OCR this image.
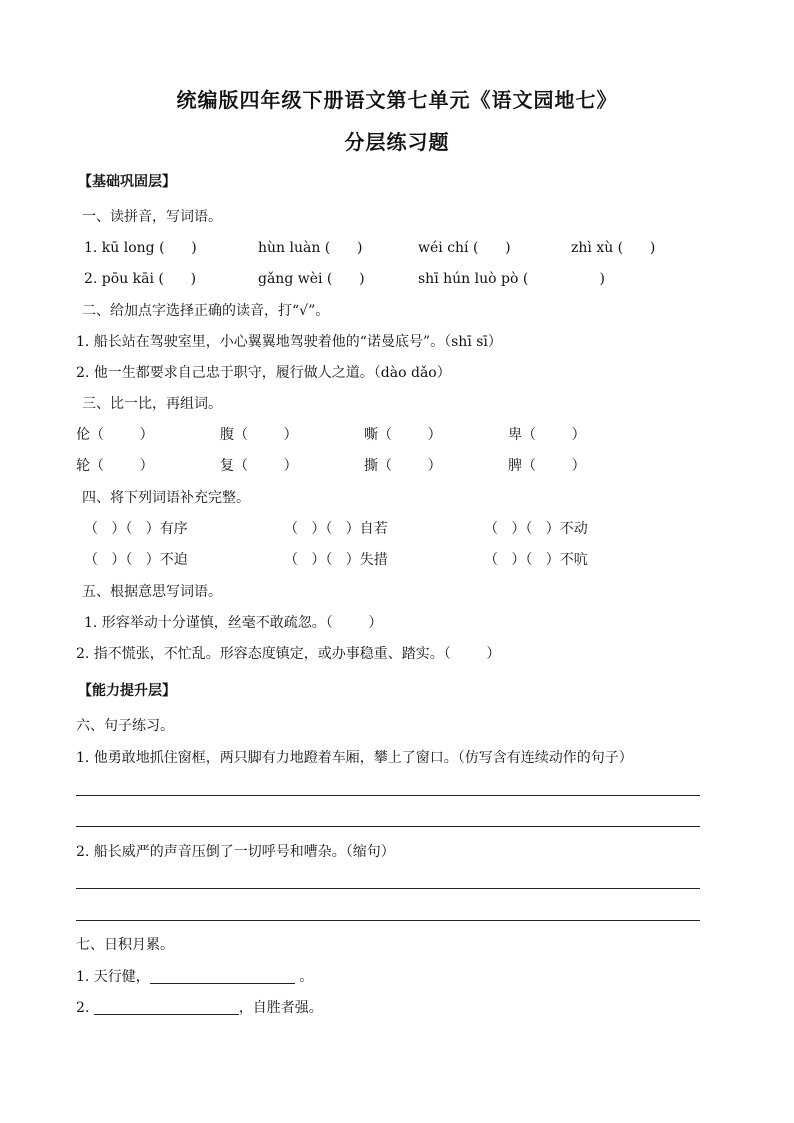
统编版四年级下册语文第七单元《语文园地七》
分层练习题
【基础巩固层】
一、读拼音，写词语。
1. kū long (      )	hùn luàn (      )	wéi chí (      )	zhì xù (      )
2. pōu kāi (      )	gǎng wèi (      )	shī hún luò pò (                )
二、给加点字选择正确的读音，打“√”。
1. 船长站在驾驶室里，小心翼翼地驾驶着他的“诺曼底号”。（shī sī）
2. 他一生都要求自己忠于职守，履行做人之道。（dào dǎo）
三、比一比，再组词。
伦（        ）	腹（        ）	嘶（        ）	卑（        ）
轮（        ）	复（        ）	撕（        ）	脾（        ）
四、将下列词语补充完整。
（   ）（   ）有序	（   ）（   ）自若	（   ）（   ）不动
（   ）（   ）不迫	（   ）（   ）失措	（   ）（   ）不吭
五、根据意思写词语。
1. 形容举动十分谨慎，丝毫不敢疏忽。（        ）
2. 指不慌张，不忙乱。形容态度镇定，或办事稳重、踏实。（        ）
【能力提升层】
六、句子练习。
1. 他勇敢地抓住窗框，两只脚有力地蹬着车厢，攀上了窗口。（仿写含有连续动作的句子）
2. 船长威严的声音压倒了一切呼号和嘈杂。（缩句）
七、日积月累。
1. 天行健，	。
2.	，自胜者强。
